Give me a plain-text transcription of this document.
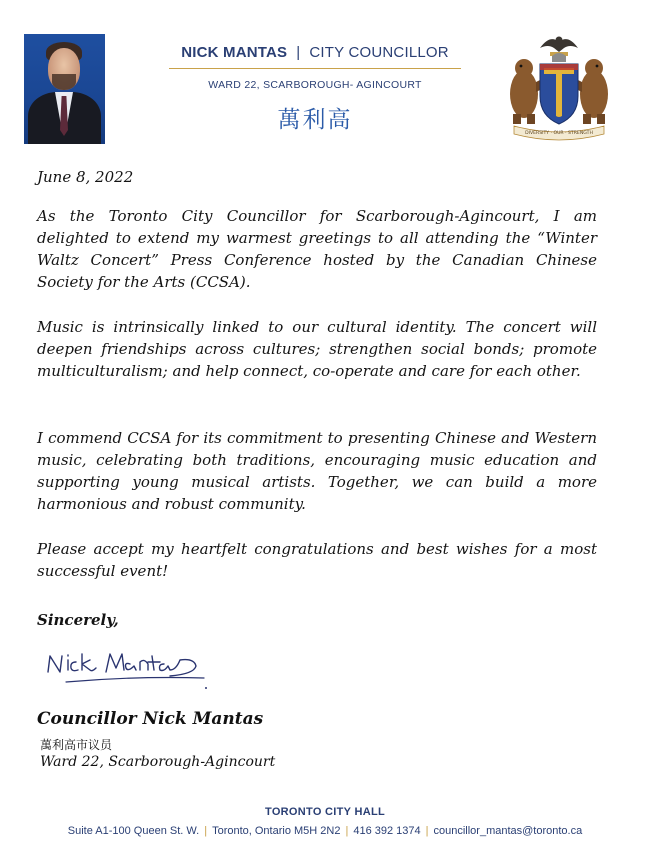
NICK MANTAS | CITY COUNCILLOR
WARD 22, SCARBOROUGH- AGINCOURT
萬利高
DIVERSITY · OUR · STRENGTH
June 8, 2022

As the Toronto City Councillor for Scarborough-Agincourt, I am delighted to extend my warmest greetings to all attending the “Winter Waltz Concert” Press Conference hosted by the Canadian Chinese Society for the Arts (CCSA).

Music is intrinsically linked to our cultural identity. The concert will deepen friendships across cultures; strengthen social bonds; promote multiculturalism; and help connect, co-operate and care for each other.

I commend CCSA for its commitment to presenting Chinese and Western music, celebrating both traditions, encouraging music education and supporting young musical artists. Together, we can build a more harmonious and robust community.

Please accept my heartfelt congratulations and best wishes for a most successful event!

Sincerely,
Councillor Nick Mantas
萬利高市议员
Ward 22, Scarborough-Agincourt
TORONTO CITY HALL
Suite A1-100 Queen St. W. | Toronto, Ontario M5H 2N2 | 416 392 1374 | councillor_mantas@toronto.ca
